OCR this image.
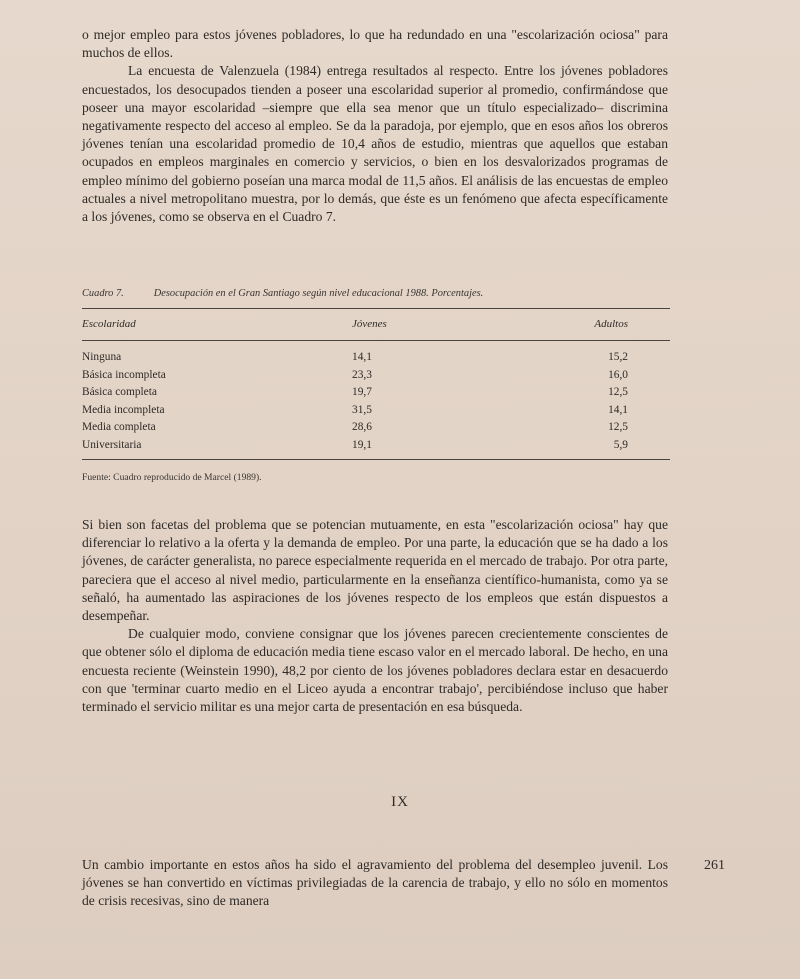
o mejor empleo para estos jóvenes pobladores, lo que ha redundado en una "escolarización ociosa" para muchos de ellos.

La encuesta de Valenzuela (1984) entrega resultados al respecto. Entre los jóvenes pobladores encuestados, los desocupados tienden a poseer una escolaridad superior al promedio, confirmándose que poseer una mayor escolaridad –siempre que ella sea menor que un título especializado– discrimina negativamente respecto del acceso al empleo. Se da la paradoja, por ejemplo, que en esos años los obreros jóvenes tenían una escolaridad promedio de 10,4 años de estudio, mientras que aquellos que estaban ocupados en empleos marginales en comercio y servicios, o bien en los desvalorizados programas de empleo mínimo del gobierno poseían una marca modal de 11,5 años. El análisis de las encuestas de empleo actuales a nivel metropolitano muestra, por lo demás, que éste es un fenómeno que afecta específicamente a los jóvenes, como se observa en el Cuadro 7.

Cuadro 7.	Desocupación en el Gran Santiago según nivel educacional 1988. Porcentajes.
Escolaridad	Jóvenes	Adultos
Ninguna	14,1	15,2
Básica incompleta	23,3	16,0
Básica completa	19,7	12,5
Media incompleta	31,5	14,1
Media completa	28,6	12,5
Universitaria	19,1	5,9
Fuente: Cuadro reproducido de Marcel (1989).

Si bien son facetas del problema que se potencian mutuamente, en esta "escolarización ociosa" hay que diferenciar lo relativo a la oferta y la demanda de empleo. Por una parte, la educación que se ha dado a los jóvenes, de carácter generalista, no parece especialmente requerida en el mercado de trabajo. Por otra parte, pareciera que el acceso al nivel medio, particularmente en la enseñanza científico-humanista, como ya se señaló, ha aumentado las aspiraciones de los jóvenes respecto de los empleos que están dispuestos a desempeñar.

De cualquier modo, conviene consignar que los jóvenes parecen crecientemente conscientes de que obtener sólo el diploma de educación media tiene escaso valor en el mercado laboral. De hecho, en una encuesta reciente (Weinstein 1990), 48,2 por ciento de los jóvenes pobladores declara estar en desacuerdo con que 'terminar cuarto medio en el Liceo ayuda a encontrar trabajo', percibiéndose incluso que haber terminado el servicio militar es una mejor carta de presentación en esa búsqueda.

IX

Un cambio importante en estos años ha sido el agravamiento del problema del desempleo juvenil. Los jóvenes se han convertido en víctimas privilegiadas de la carencia de trabajo, y ello no sólo en momentos de crisis recesivas, sino de manera

261
